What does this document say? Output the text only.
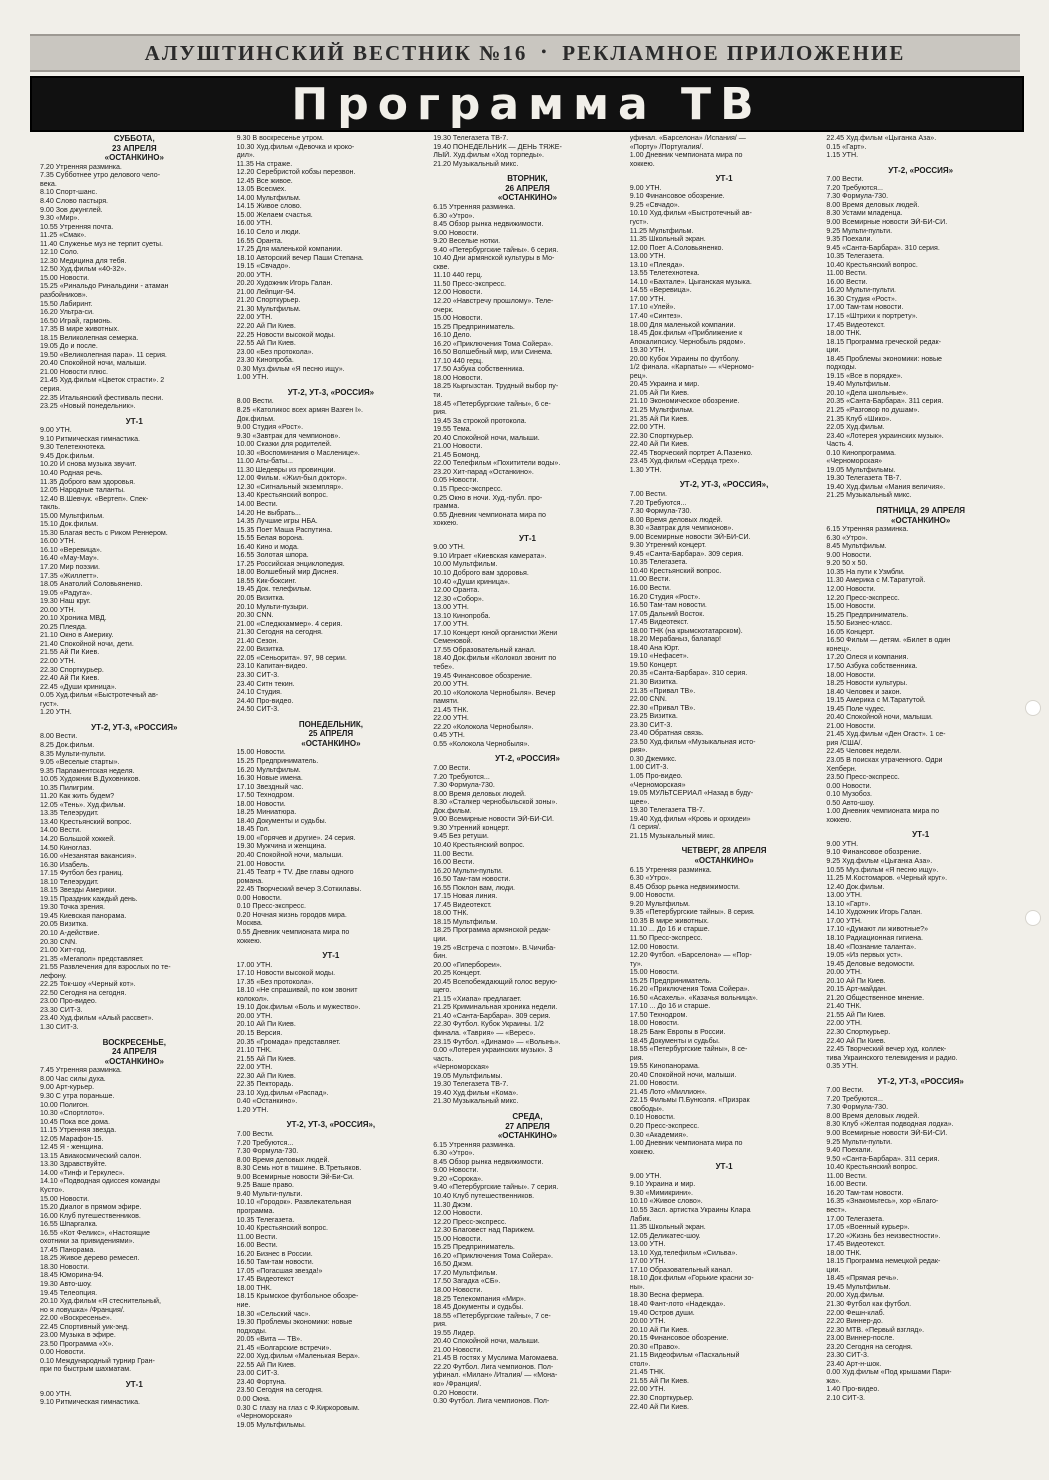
АЛУШТИНСКИЙ ВЕСТНИК №16 • РЕКЛАМНОЕ ПРИЛОЖЕНИЕ
Программа ТВ
СУББОТА,
23 АПРЕЛЯ
«ОСТАНКИНО»
7.20 Утренняя разминка.
7.35 Субботнее утро делового чело-
века.
8.10 Спорт-шанс.
8.40 Слово пастыря.
9.00 Зов джунглей.
9.30 «Мир».
10.55 Утренняя почта.
11.25 «Смак».
11.40 Служенье муз не терпит суеты.
12.10 Соло.
12.30 Медицина для тебя.
12.50 Худ.фильм «40-32».
15.00 Новости.
15.25 «Ринальдо Ринальдини - атаман
разбойников».
15.50 Лабиринт.
16.20 Ультра-си.
16.50 Играй, гармонь.
17.35 В мире животных.
18.15 Великолепная семерка.
19.05 До и после.
19.50 «Великолепная пара». 11 серия.
20.40 Спокойной ночи, малыши.
21.00 Новости плюс.
21.45 Худ.фильм «Цветок страсти». 2
серия.
22.35 Итальянский фестиваль песни.
23.25 «Новый понедельник».
УТ-1
9.00 УТН.
9.10 Ритмическая гимнастика.
9.30 Телетехнотека.
9.45 Док.фильм.
10.20 И снова музыка звучит.
10.40 Родная речь.
11.35 Доброго вам здоровья.
12.05 Народные таланты.
12.40 В.Шевчук. «Вертеп». Спек-
такль.
15.00 Мультфильм.
15.10 Док.фильм.
15.30 Благая весть с Риком Реннером.
16.00 УТН.
16.10 «Веревица».
16.40 «Мау-Мау».
17.20 Мир поэзии.
17.35 «Жиллетт».
18.05 Анатолий Соловьяненко.
19.05 «Радуга».
19.30 Наш круг.
20.00 УТН.
20.10 Хроника МВД.
20.25 Плеяда.
21.10 Окно в Америку.
21.40 Спокойной ночи, дети.
21.55 Ай Пи Киев.
22.00 УТН.
22.30 Спорткурьер.
22.40 Ай Пи Киев.
22.45 «Души криница».
0.05 Худ.фильм «Быстротечный ав-
густ».
1.20 УТН.
УТ-2, УТ-3, «РОССИЯ»
8.00 Вести.
8.25 Док.фильм.
8.35 Мульти-пульти.
9.05 «Веселые старты».
9.35 Парламентская неделя.
10.05 Художник В.Духовников.
10.35 Пилигрим.
11.20 Как жить будем?
12.05 «Тень». Худ.фильм.
13.35 Телеэрудит.
13.40 Крестьянский вопрос.
14.00 Вести.
14.20 Большой хоккей.
14.50 Киноглаз.
16.00 «Незанятая вакансия».
16.30 Изабель.
17.15 Футбол без границ.
18.10 Телеэрудит.
18.15 Звезды Америки.
19.15 Праздник каждый день.
19.30 Точка зрения.
19.45 Киевская панорама.
20.05 Визитка.
20.10 А-действие.
20.30 CNN.
21.00 Хит-год.
21.35 «Мегапол» представляет.
21.55 Развлечения для взрослых по те-
лефону.
22.25 Ток-шоу «Черный кот».
22.50 Сегодня на сегодня.
23.00 Про-видео.
23.30 СИТ-3.
23.40 Худ.фильм «Алый рассвет».
1.30 СИТ-3.
ВОСКРЕСЕНЬЕ,
24 АПРЕЛЯ
«ОСТАНКИНО»
7.45 Утренняя разминка.
8.00 Час силы духа.
9.00 Арт-курьер.
9.30 С утра пораньше.
10.00 Полигон.
10.30 «Спортлото».
10.45 Пока все дома.
11.15 Утренняя звезда.
12.05 Марафон-15.
12.45 Я - женщина.
13.15 Авиакосмический салон.
13.30 Здравствуйте.
14.00 «Тинф и Геркулес».
14.10 «Подводная одиссея команды
Кусто».
15.00 Новости.
15.20 Диалог в прямом эфире.
16.00 Клуб путешественников.
16.55 Шпаргалка.
16.55 «Кот Феликс», «Настоящие
охотники за привидениями».
17.45 Панорама.
18.25 Живое дерево ремесел.
18.30 Новости.
18.45 Юморина-94.
19.30 Авто-шоу.
19.45 Телеопция.
20.10 Худ.фильм «Я стеснительный,
но я ловушка» /Франция/.
22.00 «Воскресенье».
22.45 Спортивный уик-энд.
23.00 Музыка в эфире.
23.50 Программа «Х».
0.00 Новости.
0.10 Международный турнир Гран-
при по быстрым шахматам.
УТ-1
9.00 УТН.
9.10 Ритмическая гимнастика.
9.30 В воскресенье утром.
10.30 Худ.фильм «Девочка и кроко-
дил».
11.35 На страже.
12.20 Серебристой кобзы перезвон.
12.45 Все живое.
13.05 Всесмех.
14.00 Мультфильм.
14.15 Живое слово.
15.00 Желаем счастья.
16.00 УТН.
16.10 Село и люди.
16.55 Оранта.
17.25 Для маленькой компании.
18.10 Авторский вечер Паши Степана.
19.15 «Свчадо».
20.00 УТН.
20.20 Художник Игорь Галан.
21.00 Лейпциг-94.
21.20 Спорткурьер.
21.30 Мультфильм.
22.00 УТН.
22.20 Ай Пи Киев.
22.25 Новости высокой моды.
22.55 Ай Пи Киев.
23.00 «Без протокола».
23.30 Кинопроба.
0.30 Муз.фильм «Я песню ищу».
1.00 УТН.
УТ-2, УТ-3, «РОССИЯ»
8.00 Вести.
8.25 «Католикос всех армян Вазген I».
Док.фильм.
9.00 Студия «Рост».
9.30 «Завтрак для чемпионов».
10.00 Сказки для родителей.
10.30 «Воспоминания о Масленице».
11.00 Аты-баты...
11.30 Шедевры из провинции.
12.00 Фильм. «Жил-был доктор».
12.30 «Сигнальный экземпляр».
13.40 Крестьянский вопрос.
14.00 Вести.
14.20 Не выбрать...
14.35 Лучшие игры НБА.
15.35 Поет Маша Распутина.
15.55 Белая ворона.
16.40 Кино и мода.
16.55 Золотая шпора.
17.25 Российская энциклопедия.
18.00 Волшебный мир Диснея.
18.55 Кик-боксинг.
19.45 Док. телефильм.
20.05 Визитка.
20.10 Мульти-пузыри.
20.30 CNN.
21.00 «Следжхаммер». 4 серия.
21.30 Сегодня на сегодня.
21.40 Сезон.
22.00 Визитка.
22.05 «Сеньорита». 97, 98 серии.
23.10 Капитан-видео.
23.30 СИТ-3.
23.40 Ситн текин.
24.10 Студия.
24.40 Про-видео.
24.50 СИТ-3.
ПОНЕДЕЛЬНИК,
25 АПРЕЛЯ
«ОСТАНКИНО»
15.00 Новости.
15.25 Предприниматель.
16.20 Мультфильм.
16.30 Новые имена.
17.10 Звездный час.
17.50 Технодром.
18.00 Новости.
18.25 Миниатюра.
18.40 Документы и судьбы.
18.45 Гол.
19.00 «Горячев и другие». 24 серия.
19.30 Мужчина и женщина.
20.40 Спокойной ночи, малыши.
21.00 Новости.
21.45 Театр + TV. Две главы одного
романа.
22.45 Творческий вечер З.Соткилавы.
0.00 Новости.
0.10 Пресс-экспресс.
0.20 Ночная жизнь городов мира.
Москва.
0.55 Дневник чемпионата мира по
хоккею.
УТ-1
17.00 УТН.
17.10 Новости высокой моды.
17.35 «Без протокола».
18.10 «Не спрашивай, по ком звонит
колокол».
19.10 Док.фильм «Боль и мужество».
20.00 УТН.
20.10 Ай Пи Киев.
20.15 Версия.
20.35 «Громада» представляет.
21.10 ТНК.
21.55 Ай Пи Киев.
22.00 УТН.
22.30 Ай Пи Киев.
22.35 Пекторадь.
23.10 Худ.фильм «Распад».
0.40 «Останкино».
1.20 УТН.
УТ-2, УТ-3, «РОССИЯ»,
7.00 Вести.
7.20 Требуются...
7.30 Формула-730.
8.00 Время деловых людей.
8.30 Семь нот в тишине. В.Третьяков.
9.00 Всемирные новости Эй-Би-Си.
9.25 Ваше право.
9.40 Мульти-пульти.
10.10 «Городок». Развлекательная
программа.
10.35 Телегазета.
10.40 Крестьянский вопрос.
11.00 Вести.
16.00 Вести.
16.20 Бизнес в России.
16.50 Там-там новости.
17.05 «Погасшая звезда!»
17.45 Видеотекст
18.00 ТНК.
18.15 Крымское футбольное обозре-
ние.
18.30 «Сельский час».
19.30 Проблемы экономики: новые
подходы.
20.05 «Вита — ТВ».
21.45 «Болгарские встречи».
22.00 Худ.фильм «Маленькая Вера».
22.55 Ай Пи Киев.
23.00 СИТ-3.
23.40 Фортуна.
23.50 Сегодня на сегодня.
0.00 Окна.
0.30 С глазу на глаз с Ф.Киркоровым.
«Черноморская»
19.05 Мультфильмы.
19.30 Телегазета ТВ-7.
19.40 ПОНЕДЕЛЬНИК — ДЕНЬ ТЯЖЕ-
ЛЫЙ. Худ.фильм «Ход торпеды».
21.20 Музыкальный микс.
ВТОРНИК,
26 АПРЕЛЯ
«ОСТАНКИНО»
6.15 Утренняя разминка.
6.30 «Утро».
8.45 Обзор рынка недвижимости.
9.00 Новости.
9.20 Веселые нотки.
9.40 «Петербургские тайны». 6 серия.
10.40 Дни армянской культуры в Мо-
скве.
11.10 440 герц.
11.50 Пресс-экспресс.
12.00 Новости.
12.20 «Навстречу прошлому». Теле-
очерк.
15.00 Новости.
15.25 Предприниматель.
16.10 Дело.
16.20 «Приключения Тома Сойера».
16.50 Волшебный мир, или Синема.
17.10 440 герц.
17.50 Азбука собственника.
18.00 Новости.
18.25 Кыргызстан. Трудный выбор пу-
ти.
18.45 «Петербургские тайны», 6 се-
рия.
19.45 За строкой протокола.
19.55 Тема.
20.40 Спокойной ночи, малыши.
21.00 Новости.
21.45 Бомонд.
22.00 Телефильм «Похитители воды».
23.20 Хит-парад «Останкино».
0.05 Новости.
0.15 Пресс-экспресс.
0.25 Окно в ночи. Худ.-публ. про-
грамма.
0.55 Дневник чемпионата мира по
хоккею.
УТ-1
9.00 УТН.
9.10 Играет «Киевская камерата».
10.00 Мультфильм.
10.10 Доброго вам здоровья.
10.40 «Души криница».
12.00 Оранта.
12.30 «Собор».
13.00 УТН.
13.10 Кинопроба.
17.00 УТН.
17.10 Концерт юной органистки Жени
Семеновой.
17.55 Образовательный канал.
18.40 Док.фильм «Колокол звонит по
тебе».
19.45 Финансовое обозрение.
20.00 УТН.
20.10 «Колокола Чернобыля». Вечер
памяти.
21.45 ТНК.
22.00 УТН.
22.20 «Колокола Чернобыля».
0.45 УТН.
0.55 «Колокола Чернобыля».
УТ-2, «РОССИЯ»
7.00 Вести.
7.20 Требуются...
7.30 Формула-730.
8.00 Время деловых людей.
8.30 «Сталкер чернобыльской зоны».
Док.фильм.
9.00 Всемирные новости ЭЙ-БИ-СИ.
9.30 Утренний концерт.
9.45 Без ретуши.
10.40 Крестьянский вопрос.
11.00 Вести.
16.00 Вести.
16.20 Мульти-пульти.
16.50 Там-там новости.
16.55 Поклон вам, люди.
17.15 Новая линия.
17.45 Видеотекст.
18.00 ТНК.
18.15 Мультфильм.
18.25 Программа армянской редак-
ции.
19.25 «Встреча с поэтом». В.Чичиба-
бин.
20.00 «Гипербореи».
20.25 Концерт.
20.45 Всепобеждающий голос верую-
щего.
21.15 «Хиапа» предлагает.
21.25 Криминальная хроника недели.
21.40 «Санта-Барбара». 309 серия.
22.30 Футбол. Кубок Украины. 1/2
финала. «Таврия» — «Верес».
23.15 Футбол. «Динамо» — «Волынь».
0.00 «Лотерея украинских музык». 3
часть.
«Черноморская»
19.05 Мультфильмы.
19.30 Телегазета ТВ-7.
19.40 Худ.фильм «Кома».
21.30 Музыкальный микс.
СРЕДА,
27 АПРЕЛЯ
«ОСТАНКИНО»
6.15 Утренняя разминка.
6.30 «Утро».
8.45 Обзор рынка недвижимости.
9.00 Новости.
9.20 «Сорока».
9.40 «Петербургские тайны». 7 серия.
10.40 Клуб путешественников.
11.30 Джэм.
12.00 Новости.
12.20 Пресс-экспресс.
12.30 Благовест над Парижем.
15.00 Новости.
15.25 Предприниматель.
16.20 «Приключения Тома Сойера».
16.50 Джэм.
17.20 Мультфильм.
17.50 Загадка «СБ».
18.00 Новости.
18.25 Телекомпания «Мир».
18.45 Документы и судьбы.
18.55 «Петербургские тайны», 7 се-
рия.
19.55 Лидер.
20.40 Спокойной ночи, малыши.
21.00 Новости.
21.45 В гостях у Муслима Магомаева.
22.20 Футбол. Лига чемпионов. Пол-
уфинал. «Милан» /Италия/ — «Мона-
ко» /Франция/.
0.20 Новости.
0.30 Футбол. Лига чемпионов. Пол-
уфинал. «Барселона» /Испания/ —
«Порту» /Португалия/.
1.00 Дневник чемпионата мира по
хоккею.
УТ-1
9.00 УТН.
9.10 Финансовое обозрение.
9.25 «Свчадо».
10.10 Худ.фильм «Быстротечный ав-
густ».
11.25 Мультфильм.
11.35 Школьный экран.
12.00 Поет А.Соловьяненко.
13.00 УТН.
13.10 «Плеяда».
13.55 Телетехнотека.
14.10 «Бахтале». Цыганская музыка.
14.55 «Веревица».
17.00 УТН.
17.10 «Улей».
17.40 «Синтез».
18.00 Для маленькой компании.
18.45 Док.фильм «Приближение к
Апокалипсису. Чернобыль рядом».
19.30 УТН.
20.00 Кубок Украины по футболу.
1/2 финала. «Карпаты» — «Черномо-
рец».
20.45 Украина и мир.
21.05 Ай Пи Киев.
21.10 Экономическое обозрение.
21.25 Мультфильм.
21.35 Ай Пи Киев.
22.00 УТН.
22.30 Спорткурьер.
22.40 Ай Пи Киев.
22.45 Творческий портрет А.Пазенко.
23.45 Худ.фильм «Сердца трех».
1.30 УТН.
УТ-2, УТ-3, «РОССИЯ»,
7.00 Вести.
7.20 Требуются...
7.30 Формула-730.
8.00 Время деловых людей.
8.30 «Завтрак для чемпионов».
9.00 Всемирные новости ЭЙ-БИ-СИ.
9.30 Утренний концерт.
9.45 «Санта-Барбара». 309 серия.
10.35 Телегазета.
10.40 Крестьянский вопрос.
11.00 Вести.
16.00 Вести.
16.20 Студия «Рост».
16.50 Там-там новости.
17.05 Дальний Восток.
17.45 Видеотекст.
18.00 ТНК (на крымскотатарском).
18.20 Мерабаныз, балапар!
18.40 Ана Юрт.
19.10 «Нефасет».
19.50 Концерт.
20.35 «Санта-Барбара». 310 серия.
21.30 Визитка.
21.35 «Привал ТВ».
22.00 CNN.
22.30 «Привал ТВ».
23.25 Визитка.
23.30 СИТ-3.
23.40 Обратная связь.
23.50 Худ.фильм «Музыкальная исто-
рия».
0.30 Джемикс.
1.00 СИТ-3.
1.05 Про-видео.
«Черноморская»
19.05 МУЛЬТСЕРИАЛ «Назад в буду-
щее».
19.30 Телегазета ТВ-7.
19.40 Худ.фильм «Кровь и орхидеи»
/1 серия/.
21.15 Музыкальный микс.
ЧЕТВЕРГ, 28 АПРЕЛЯ
«ОСТАНКИНО»
6.15 Утренняя разминка.
6.30 «Утро».
8.45 Обзор рынка недвижимости.
9.00 Новости.
9.20 Мультфильм.
9.35 «Петербургские тайны». 8 серия.
10.35 В мире животных.
11.10 ... До 16 и старше.
11.50 Пресс-экспресс.
12.00 Новости.
12.20 Футбол. «Барселона» — «Пор-
ту».
15.00 Новости.
15.25 Предприниматель.
16.20 «Приключения Тома Сойера».
16.50 «Асахель». «Казачья вольница».
17.10 ... До 16 и старше.
17.50 Технодром.
18.00 Новости.
18.25 Банк Европы в России.
18.45 Документы и судьбы.
18.55 «Петербургские тайны», 8 се-
рия.
19.55 Кинопанорама.
20.40 Спокойной ночи, малыши.
21.00 Новости.
21.45 Лото «Миллион».
22.15 Фильмы П.Бунюэля. «Призрак
свободы».
0.10 Новости.
0.20 Пресс-экспресс.
0.30 «Академия».
1.00 Дневник чемпионата мира по
хоккею.
УТ-1
9.00 УТН.
9.10 Украина и мир.
9.30 «Мимикрини».
10.10 «Живое слово».
10.55 Засл. артистка Украины Клара
Лабик.
11.35 Школьный экран.
12.05 Деликатес-шоу.
13.00 УТН.
13.10 Худ.телефильм «Сильва».
17.00 УТН.
17.10 Образовательный канал.
18.10 Док.фильм «Горькие красни зо-
ны».
18.30 Весна фермера.
18.40 Фант-лото «Надежда».
19.40 Остров души.
20.00 УТН.
20.10 Ай Пи Киев.
20.15 Финансовое обозрение.
20.30 «Право».
21.15 Видеофильм «Пасхальный
стол».
21.45 ТНК.
21.55 Ай Пи Киев.
22.00 УТН.
22.30 Спорткурьер.
22.40 Ай Пи Киев.
22.45 Худ.фильм «Цыганка Аза».
0.15 «Гарт».
1.15 УТН.
УТ-2, «РОССИЯ»
7.00 Вести.
7.20 Требуются...
7.30 Формула-730.
8.00 Время деловых людей.
8.30 Устами младенца.
9.00 Всемирные новости ЭЙ-БИ-СИ.
9.25 Мульти-пульти.
9.35 Поехали.
9.45 «Санта-Барбара». 310 серия.
10.35 Телегазета.
10.40 Крестьянский вопрос.
11.00 Вести.
16.00 Вести.
16.20 Мульти-пульти.
16.30 Студия «Рост».
17.00 Там-там новости.
17.15 «Штрихи к портрету».
17.45 Видеотекст.
18.00 ТНК.
18.15 Программа греческой редак-
ции.
18.45 Проблемы экономики: новые
подходы.
19.15 «Все в порядке».
19.40 Мультфильм.
20.10 «Дела школьные».
20.35 «Санта-Барбара». 311 серия.
21.25 «Разговор по душам».
21.35 Клуб «Шико».
22.05 Худ.фильм.
23.40 «Лотерея украинских музык».
Часть 4.
0.10 Кинопрограмма.
«Черноморская»
19.05 Мультфильмы.
19.30 Телегазета ТВ-7.
19.40 Худ.фильм «Мания величия».
21.25 Музыкальный микс.
ПЯТНИЦА, 29 АПРЕЛЯ
«ОСТАНКИНО»
6.15 Утренняя разминка.
6.30 «Утро».
8.45 Мультфильм.
9.00 Новости.
9.20 50 х 50.
10.35 На пути к Узмбли.
11.30 Америка с М.Таратутой.
12.00 Новости.
12.20 Пресс-экспресс.
15.00 Новости.
15.25 Предприниматель.
15.50 Бизнес-класс.
16.05 Концерт.
16.50 Фильм — детям. «Билет в один
конец».
17.20 Олеся и компания.
17.50 Азбука собственника.
18.00 Новости.
18.25 Новости культуры.
18.40 Человек и закон.
19.15 Америка с М.Таратутой.
19.45 Поле чудес.
20.40 Спокойной ночи, малыши.
21.00 Новости.
21.45 Худ.фильм «Ден Огаст». 1 се-
рия /США/.
22.45 Человек недели.
23.05 В поисках утраченного. Одри
Хепберн.
23.50 Пресс-экспресс.
0.00 Новости.
0.10 Музобоз.
0.50 Авто-шоу.
1.00 Дневник чемпионата мира по
хоккею.
УТ-1
9.00 УТН.
9.10 Финансовое обозрение.
9.25 Худ.фильм «Цыганка Аза».
10.55 Муз.фильм «Я песню ищу».
11.25 М.Костомаров. «Черный круг».
12.40 Док.фильм.
13.00 УТН.
13.10 «Гарт».
14.10 Художник Игорь Галан.
17.00 УТН.
17.10 «Думают ли животные?»
18.10 Радиационная гигиена.
18.40 «Познание таланта».
19.05 «Из первых уст».
19.45 Деловые ведомости.
20.00 УТН.
20.10 Ай Пи Киев.
20.15 Арт-майдан.
21.20 Общественное мнение.
21.40 ТНК.
21.55 Ай Пи Киев.
22.00 УТН.
22.30 Спорткурьер.
22.40 Ай Пи Киев.
22.45 Творческий вечер худ. коллек-
тива Украинского телевидения и радио.
0.35 УТН.
УТ-2, УТ-3, «РОССИЯ»
7.00 Вести.
7.20 Требуются...
7.30 Формула-730.
8.00 Время деловых людей.
8.30 Клуб «Желтая подводная лодка».
9.00 Всемирные новости ЭЙ-БИ-СИ.
9.25 Мульти-пульти.
9.40 Поехали.
9.50 «Санта-Барбара». 311 серия.
10.40 Крестьянский вопрос.
11.00 Вести.
16.00 Вести.
16.20 Там-там новости.
16.35 «Знакомьтесь», хор «Благо-
вест».
17.00 Телегазета.
17.05 «Военный курьер».
17.20 «Жизнь без неизвестности».
17.45 Видеотекст.
18.00 ТНК.
18.15 Программа немецкой редак-
ции.
18.45 «Прямая речь».
19.45 Мультфильм.
20.00 Худ.фильм.
21.30 Футбол как футбол.
22.00 Фешн-клаб.
22.20 Виннер-до.
22.30 МТВ. «Первый взгляд».
23.00 Виннер-после.
23.20 Сегодня на сегодня.
23.30 СИТ-3.
23.40 Арт-н-шок.
0.00 Худ.фильм «Под крышами Пари-
жа».
1.40 Про-видео.
2.10 СИТ-3.
